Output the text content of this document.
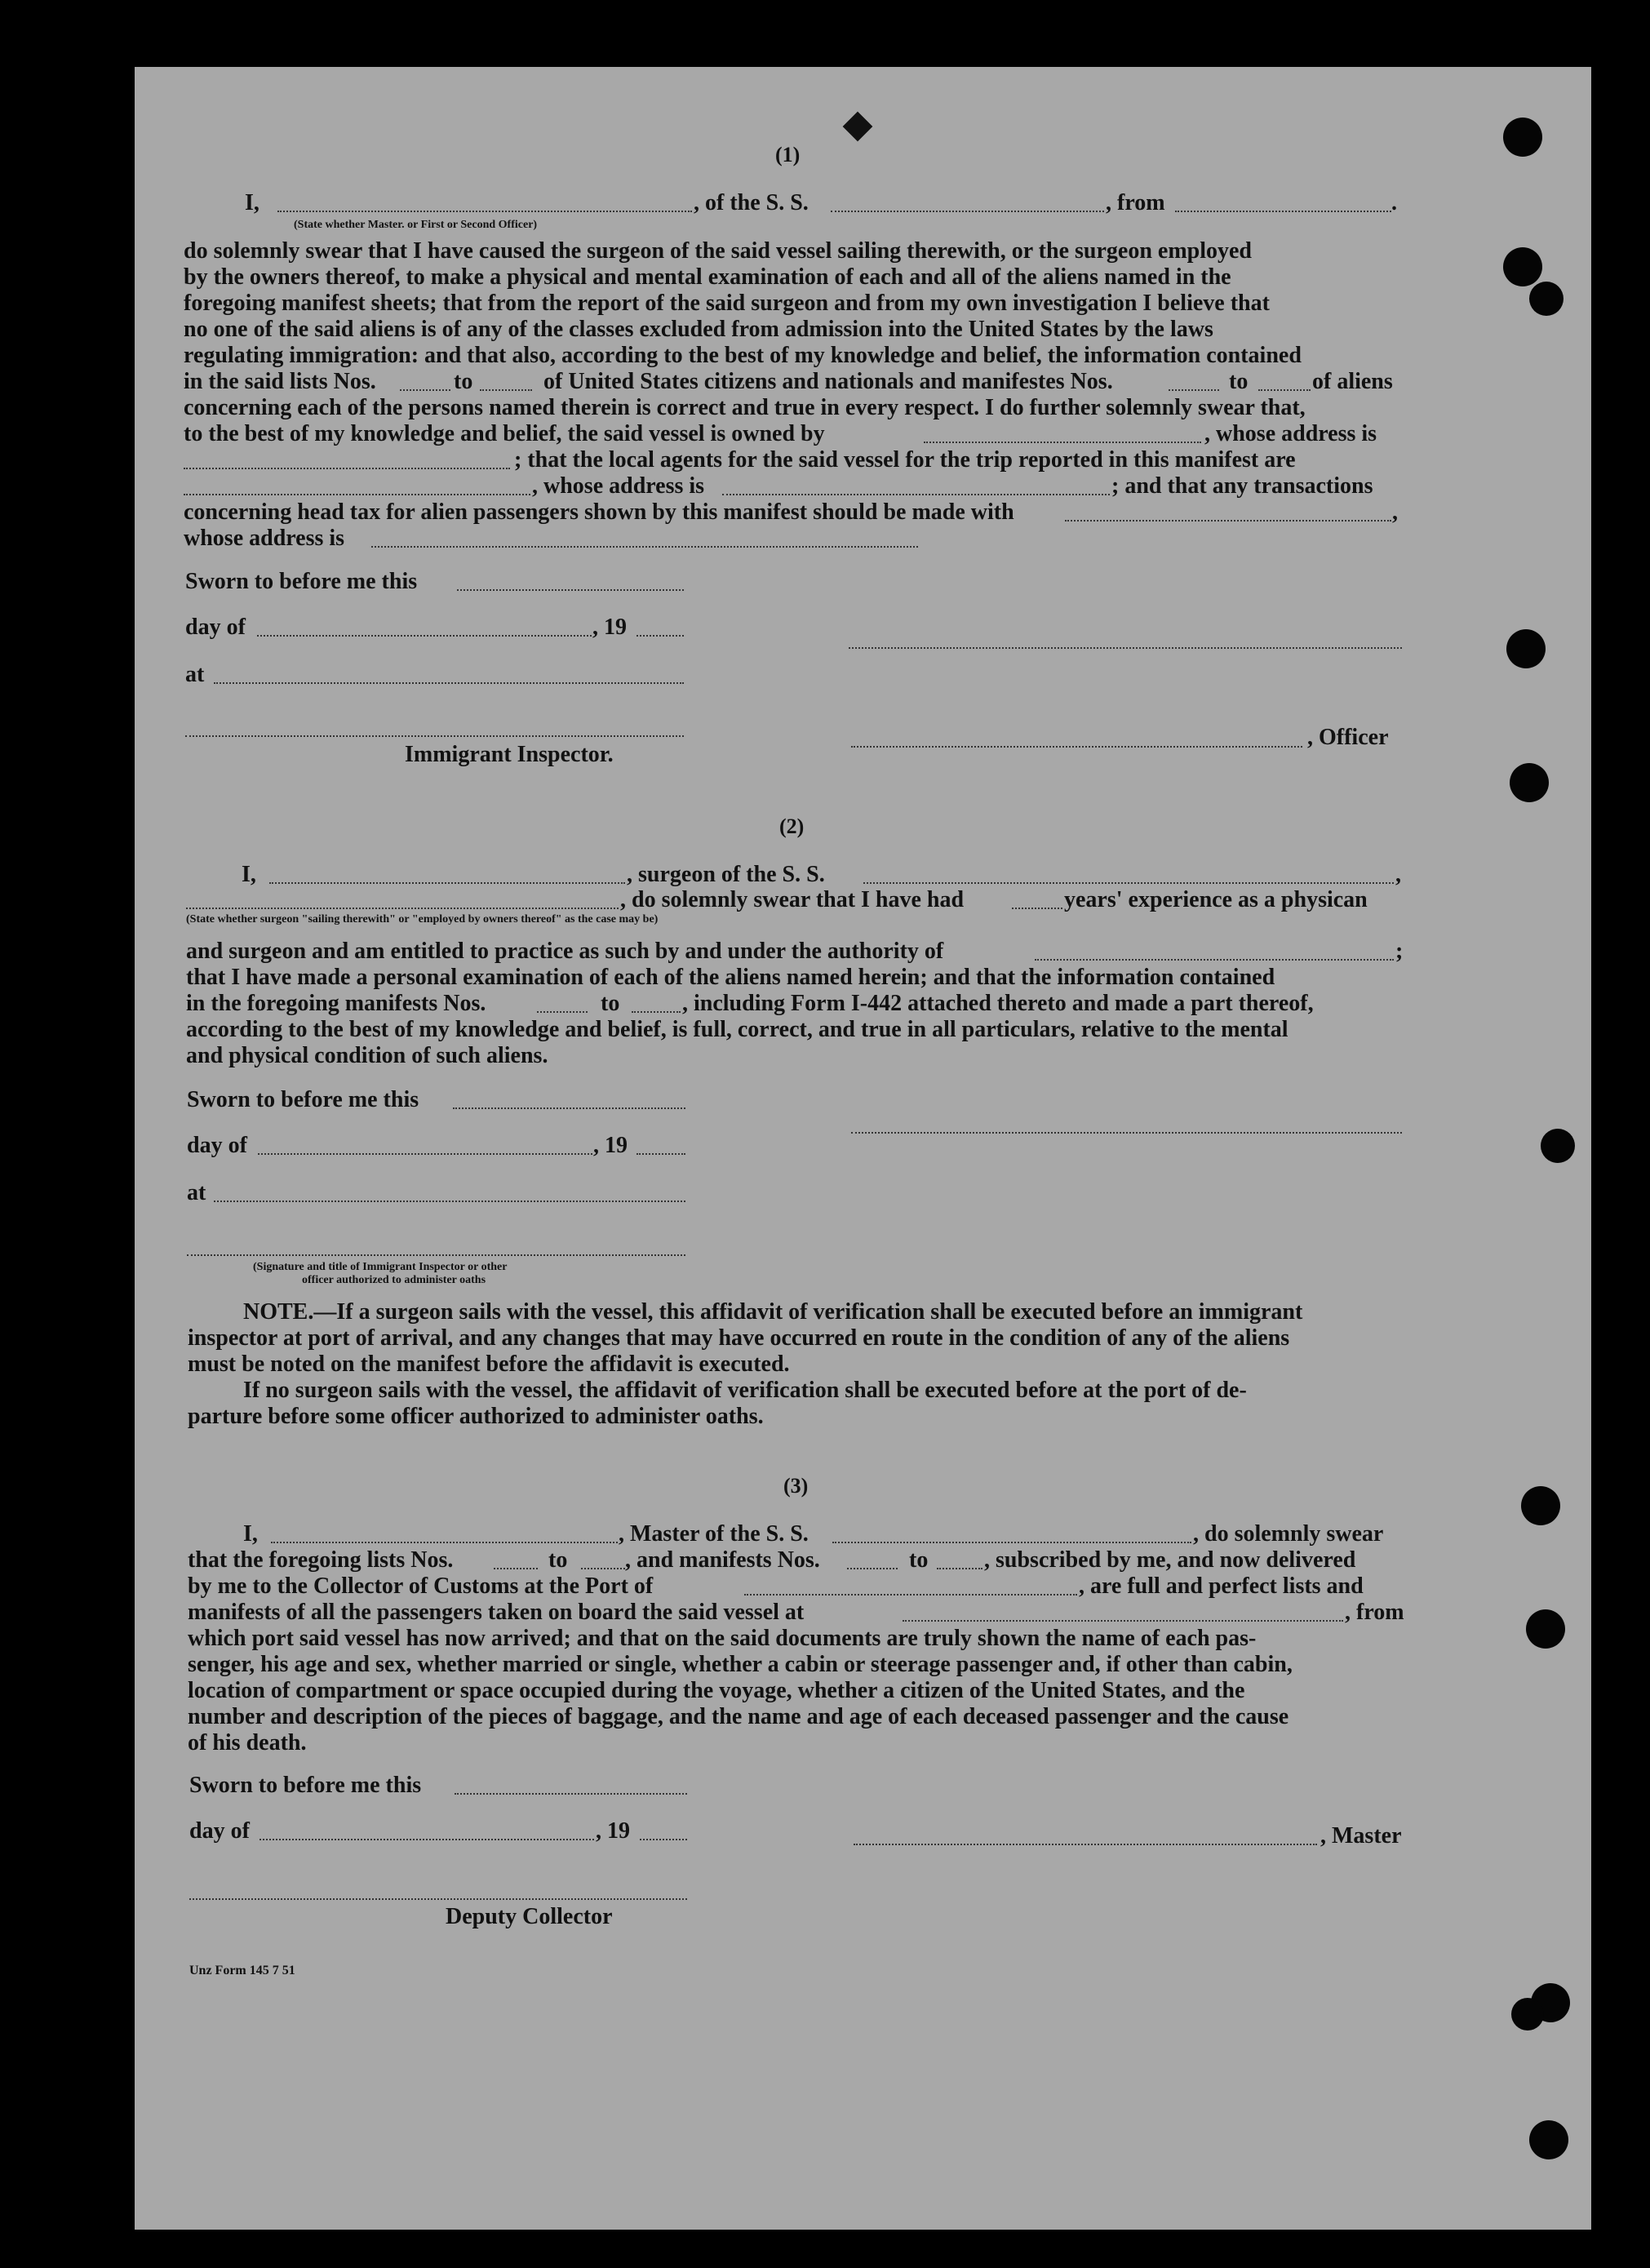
(1)
I,	, of the S. S.	, from	.
(State whether Master. or First or Second Officer)
do solemnly swear that I have caused the surgeon of the said vessel sailing therewith, or the surgeon employed
by the owners thereof, to make a physical and mental examination of each and all of the aliens named in the
foregoing manifest sheets; that from the report of the said surgeon and from my own investigation I believe that
no one of the said aliens is of any of the classes excluded from admission into the United States by the laws
regulating immigration: and that also, according to the best of my knowledge and belief, the information contained
in the said lists Nos.	to	of United States citizens and nationals and manifestes Nos.	to	of aliens
concerning each of the persons named therein is correct and true in every respect. I do further solemnly swear that,
to the best of my knowledge and belief, the said vessel is owned by	, whose address is
; that the local agents for the said vessel for the trip reported in this manifest are
, whose address is	; and that any transactions
concerning head tax for alien passengers shown by this manifest should be made with	,
whose address is
Sworn to before me this
day of	, 19
at
, Officer
Immigrant Inspector.
(2)
I,	, surgeon of the S. S.	,
, do solemnly swear that I have had	years' experience as a physican
(State whether surgeon "sailing therewith" or "employed by owners thereof" as the case may be)
and surgeon and am entitled to practice as such by and under the authority of	;
that I have made a personal examination of each of the aliens named herein; and that the information contained
in the foregoing manifests Nos.	to	, including Form I-442 attached thereto and made a part thereof,
according to the best of my knowledge and belief, is full, correct, and true in all particulars, relative to the mental
and physical condition of such aliens.
Sworn to before me this
day of	, 19
at
(Signature and title of Immigrant Inspector or other
officer authorized to administer oaths
NOTE.—If a surgeon sails with the vessel, this affidavit of verification shall be executed before an immigrant
inspector at port of arrival, and any changes that may have occurred en route in the condition of any of the aliens
must be noted on the manifest before the affidavit is executed.
If no surgeon sails with the vessel, the affidavit of verification shall be executed before at the port of de-
parture before some officer authorized to administer oaths.
(3)
I,	, Master of the S. S.	, do solemnly swear
that the foregoing lists Nos.	to	, and manifests Nos.	to , subscribed by me, and now delivered
by me to the Collector of Customs at the Port of	, are full and perfect lists and
manifests of all the passengers taken on board the said vessel at	, from
which port said vessel has now arrived; and that on the said documents are truly shown the name of each pas-
senger, his age and sex, whether married or single, whether a cabin or steerage passenger and, if other than cabin,
location of compartment or space occupied during the voyage, whether a citizen of the United States, and the
number and description of the pieces of baggage, and the name and age of each deceased passenger and the cause
of his death.
Sworn to before me this
day of	, 19	, Master
Deputy Collector
Unz Form 145 7 51
